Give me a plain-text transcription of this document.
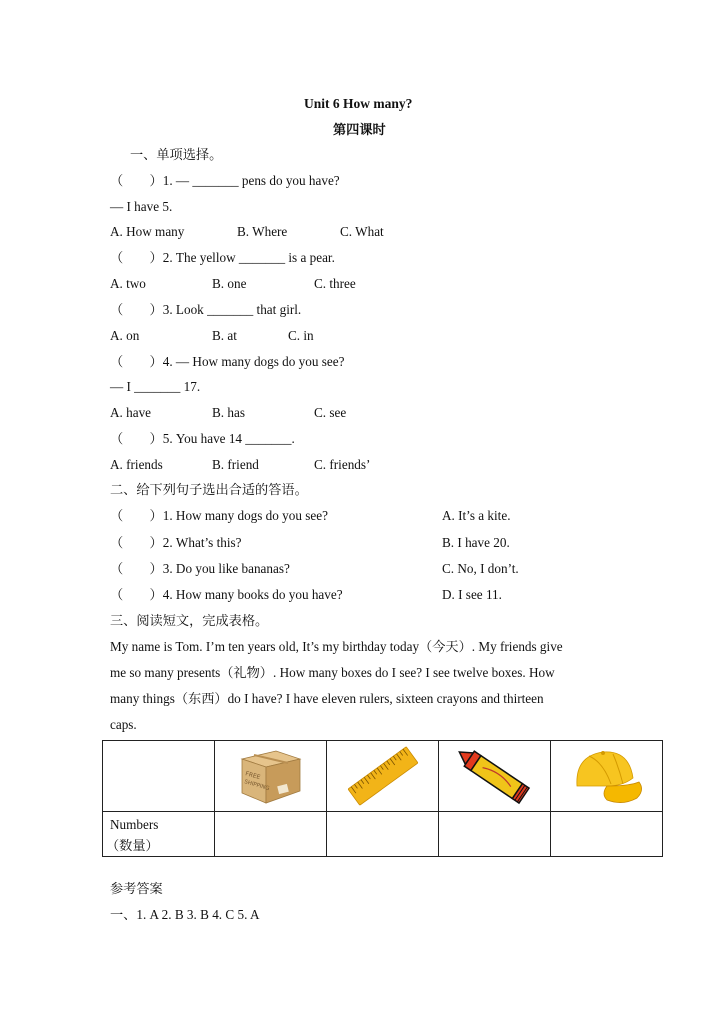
Unit 6 How many?
第四课时
一、单项选择。
（　　）1. — _______ pens do you have?
— I have 5.
A. How many	B. Where	C. What
（　　）2. The yellow _______ is a pear.
A. two	B. one	C. three
（　　）3. Look _______ that girl.
A. on	B. at	C. in
（　　）4. — How many dogs do you see?
— I _______ 17.
A. have	B. has	C. see
（　　）5. You have 14 _______.
A. friends	B. friend	C. friends’
二、给下列句子选出合适的答语。
（　　）1. How many dogs do you see?	A. It’s a kite.
（　　）2. What’s this?	B. I have 20.
（　　）3. Do you like bananas?	C. No, I don’t.
（　　）4. How many books do you have?	D. I see 11.
三、阅读短文，完成表格。
My name is Tom. I’m ten years old, It’s my birthday today（今天）. My friends give
me so many presents（礼物）. How many boxes do I see? I see twelve boxes. How
many things（东西）do I have? I have eleven rulers, sixteen crayons and thirteen
caps.

FREE
SHIPPING

Numbers
（数量）				

参考答案
一、1. A 2. B 3. B 4. C 5. A
